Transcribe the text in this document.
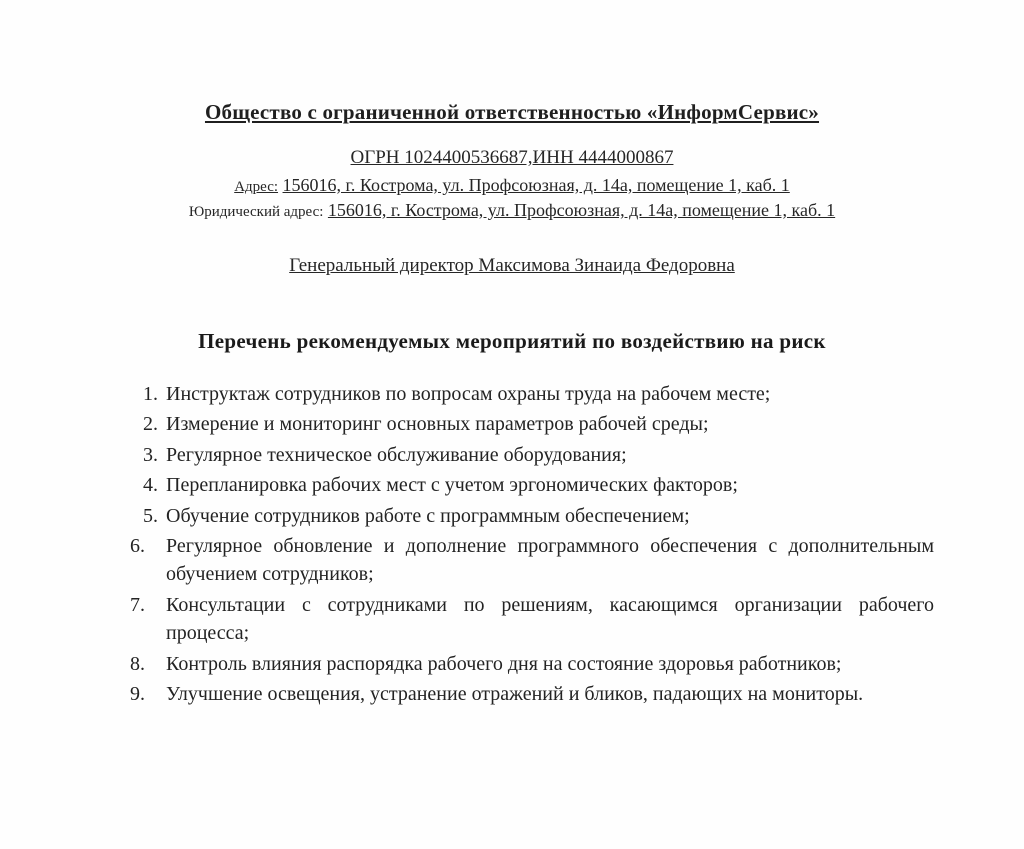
Общество с ограниченной ответственностью «ИнформСервис»
ОГРН 1024400536687,ИНН 4444000867
Адрес: 156016, г. Кострома, ул. Профсоюзная, д. 14а, помещение 1, каб. 1
Юридический адрес: 156016, г. Кострома, ул. Профсоюзная, д. 14а, помещение 1, каб. 1
Генеральный директор Максимова Зинаида Федоровна
Перечень рекомендуемых мероприятий по воздействию на риск
Инструктаж сотрудников по вопросам охраны труда на рабочем месте;
Измерение и мониторинг основных параметров рабочей среды;
Регулярное техническое обслуживание оборудования;
Перепланировка рабочих мест с учетом эргономических факторов;
Обучение сотрудников работе с программным обеспечением;
Регулярное обновление и дополнение программного обеспечения с дополнительным обучением сотрудников;
Консультации с сотрудниками по решениям, касающимся организации рабочего процесса;
Контроль влияния распорядка рабочего дня на состояние здоровья работников;
Улучшение освещения, устранение отражений и бликов, падающих на мониторы.
